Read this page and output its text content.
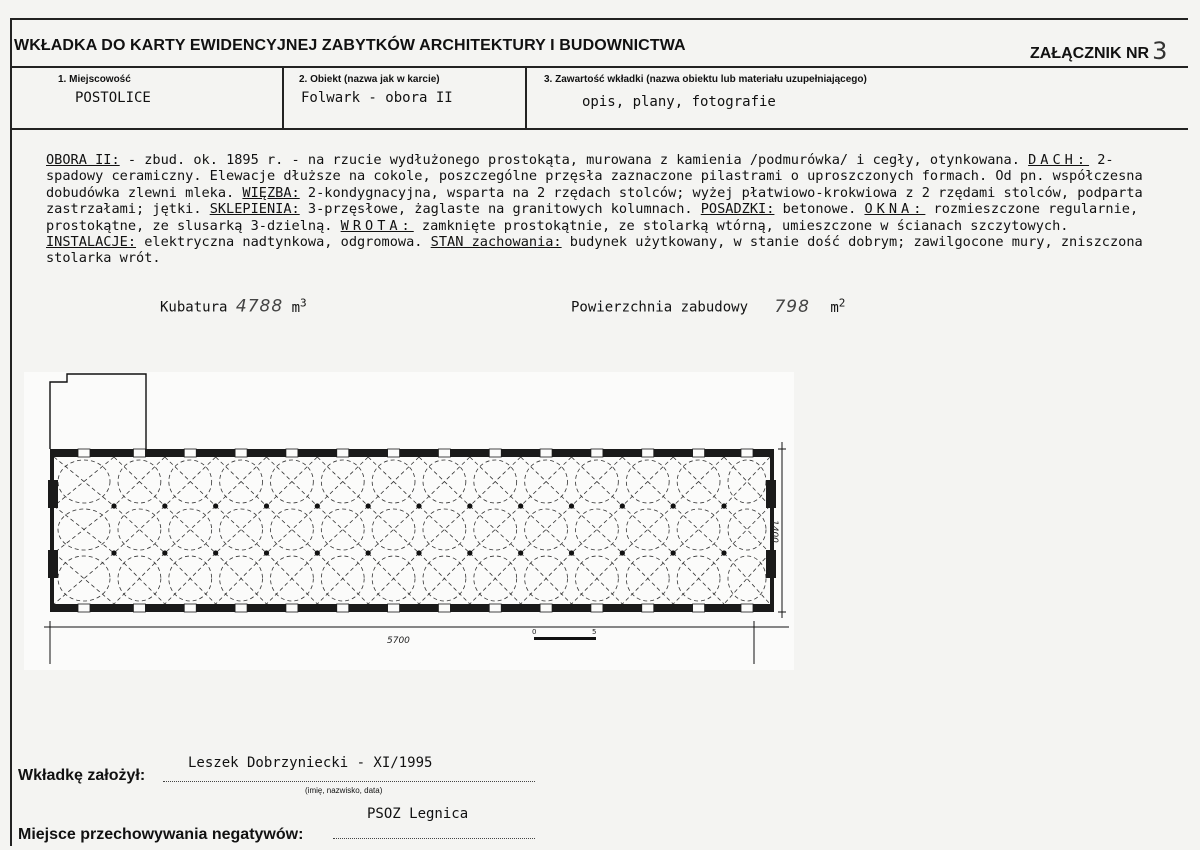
WKŁADKA DO KARTY EWIDENCYJNEJ ZABYTKÓW ARCHITEKTURY I BUDOWNICTWA	ZAŁĄCZNIK NR 3
1. Miejscowość
POSTOLICE
2. Obiekt (nazwa jak w karcie)
Folwark - obora II
3. Zawartość wkładki (nazwa obiektu lub materiału uzupełniającego)
opis, plany, fotografie
OBORA II: - zbud. ok. 1895 r. - na rzucie wydłużonego prostokąta, murowana z kamienia /podmurówka/ i cegły, otynkowana. DACH: 2-spadowy ceramiczny. Elewacje dłuższe na cokole, poszczególne przęsła zaznaczone pilastrami o uproszczonych formach. Od pn. współczesna dobudówka zlewni mleka. WIĘZBA: 2-kondygnacyjna, wsparta na 2 rzędach stolców; wyżej płatwiowo-krokwiowa z 2 rzędami stolców, podparta zastrzałami; jętki. SKLEPIENIA: 3-przęsłowe, żaglaste na granitowych kolumnach. POSADZKI: betonowe. OKNA: rozmieszczone regularnie, prostokątne, ze slusarką 3-dzielną. WROTA: zamknięte prostokątnie, ze stolarką wtórną, umieszczone w ścianach szczytowych. INSTALACJE: elektryczna nadtynkowa, odgromowa. STAN zachowania: budynek użytkowany, w stanie dość dobrym; zawilgocone mury, zniszczona stolarka wrót.
Kubatura 4788 $m^3$	Powierzchnia zabudowy 798 $m^2$
1400
5700
0	5
Wkładkę założył:
Leszek Dobrzyniecki - XI/1995
(imię, nazwisko, data)
Miejsce przechowywania negatywów:
PSOZ Legnica
